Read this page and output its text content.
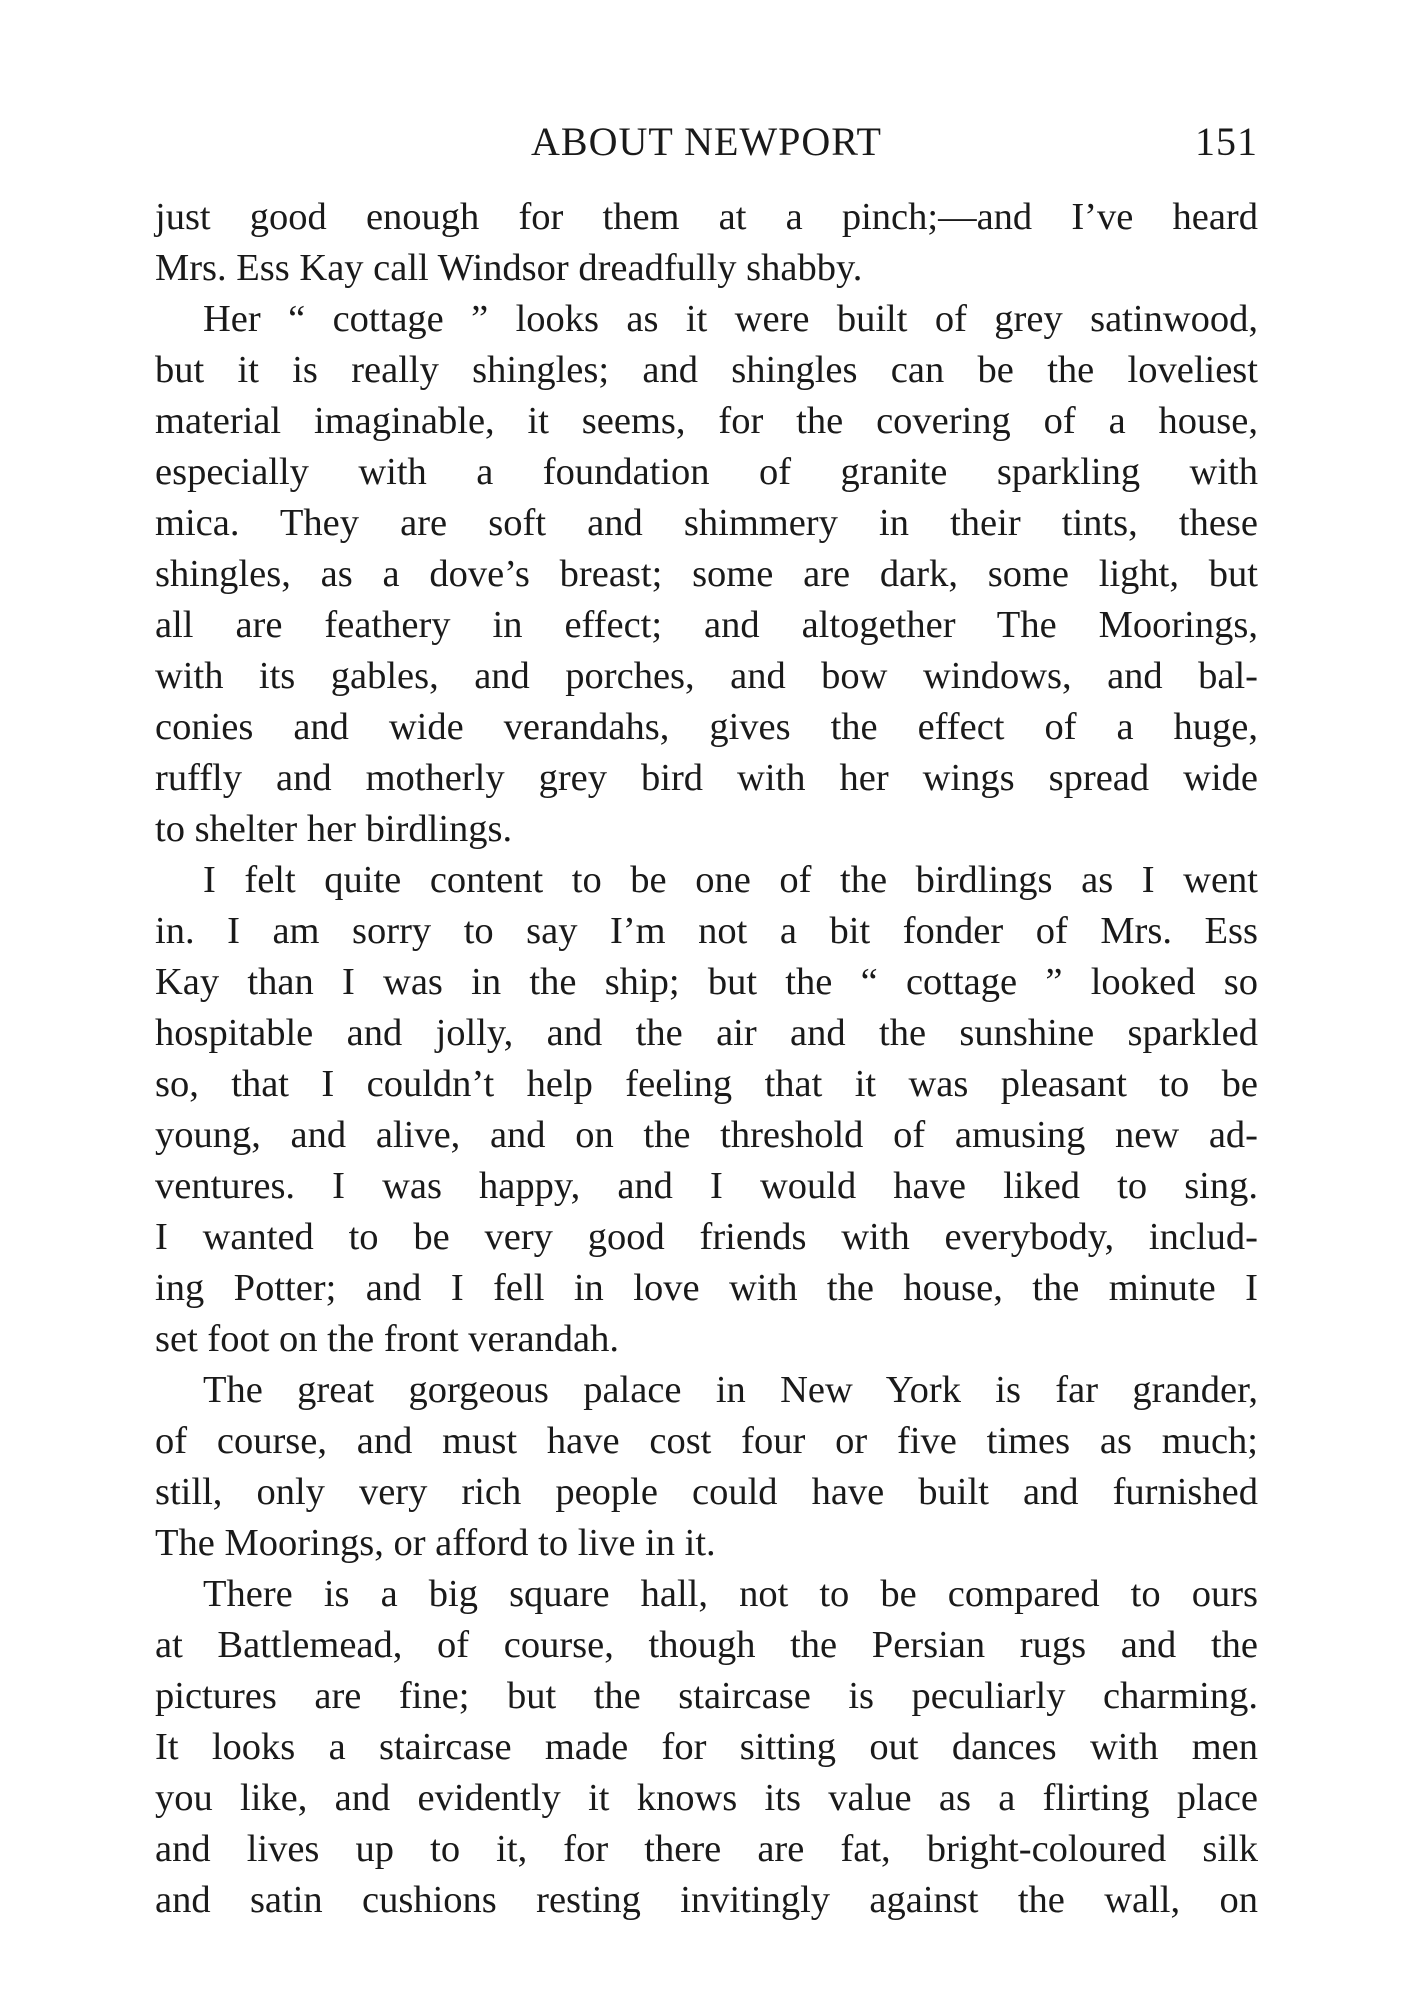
ABOUT NEWPORT	151
just good enough for them at a pinch;—and I’ve heard
Mrs. Ess Kay call Windsor dreadfully shabby.
Her “ cottage ” looks as it were built of grey satinwood,
but it is really shingles; and shingles can be the loveliest
material imaginable, it seems, for the covering of a house,
especially with a foundation of granite sparkling with
mica. They are soft and shimmery in their tints, these
shingles, as a dove’s breast; some are dark, some light, but
all are feathery in effect; and altogether The Moorings,
with its gables, and porches, and bow windows, and bal-
conies and wide verandahs, gives the effect of a huge,
ruffly and motherly grey bird with her wings spread wide
to shelter her birdlings.
I felt quite content to be one of the birdlings as I went
in. I am sorry to say I’m not a bit fonder of Mrs. Ess
Kay than I was in the ship; but the “ cottage ” looked so
hospitable and jolly, and the air and the sunshine sparkled
so, that I couldn’t help feeling that it was pleasant to be
young, and alive, and on the threshold of amusing new ad-
ventures. I was happy, and I would have liked to sing.
I wanted to be very good friends with everybody, includ-
ing Potter; and I fell in love with the house, the minute I
set foot on the front verandah.
The great gorgeous palace in New York is far grander,
of course, and must have cost four or five times as much;
still, only very rich people could have built and furnished
The Moorings, or afford to live in it.
There is a big square hall, not to be compared to ours
at Battlemead, of course, though the Persian rugs and the
pictures are fine; but the staircase is peculiarly charming.
It looks a staircase made for sitting out dances with men
you like, and evidently it knows its value as a flirting place
and lives up to it, for there are fat, bright-coloured silk
and satin cushions resting invitingly against the wall, on
